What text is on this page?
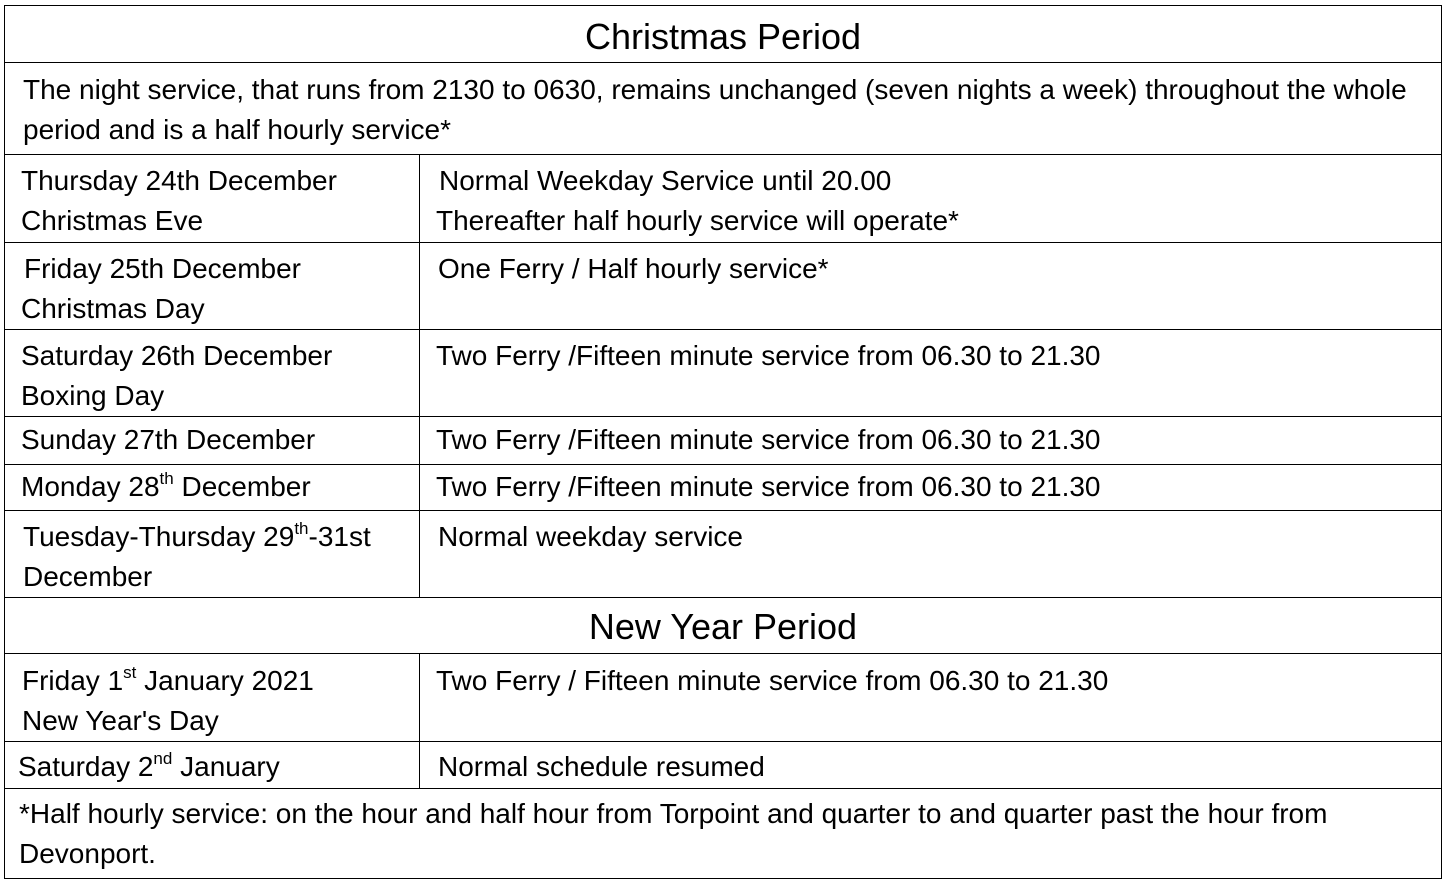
Christmas Period	

The night service, that runs from 2130 to 0630, remains unchanged (seven nights a week) throughout the whole period and is a half hourly service*	

Thursday 24th December
Christmas Eve	Normal Weekday Service until 20.00
Thereafter half hourly service will operate*

Friday 25th December
Christmas Day	One Ferry / Half hourly service*

Saturday 26th December
Boxing Day	Two Ferry /Fifteen minute service from 06.30 to 21.30

Sunday 27th December	Two Ferry /Fifteen minute service from 06.30 to 21.30

Monday 28th December	Two Ferry /Fifteen minute service from 06.30 to 21.30

Tuesday-Thursday 29th-31st
December	Normal weekday service

New Year Period	

Friday 1st January 2021
New Year's Day	Two Ferry / Fifteen minute service from 06.30 to 21.30

Saturday 2nd January	Normal schedule resumed

*Half hourly service: on the hour and half hour from Torpoint and quarter to and quarter past the hour from Devonport.	
